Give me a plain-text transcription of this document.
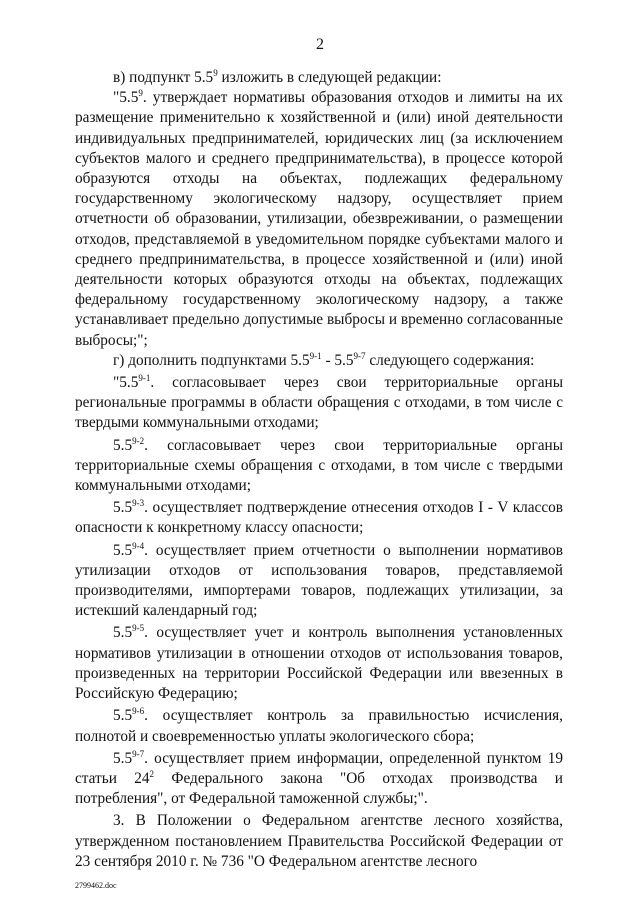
2

в) подпункт $5.5^9$ изложить в следующей редакции:

"$5.5^9$. утверждает нормативы образования отходов и лимиты на их размещение применительно к хозяйственной и (или) иной деятельности индивидуальных предпринимателей, юридических лиц (за исключением субъектов малого и среднего предпринимательства), в процессе которой образуются отходы на объектах, подлежащих федеральному государственному экологическому надзору, осуществляет прием отчетности об образовании, утилизации, обезвреживании, о размещении отходов, представляемой в уведомительном порядке субъектами малого и среднего предпринимательства, в процессе хозяйственной и (или) иной деятельности которых образуются отходы на объектах, подлежащих федеральному государственному экологическому надзору, а также устанавливает предельно допустимые выбросы и временно согласованные выбросы;";

г) дополнить подпунктами 5.5$^{9-1}$ - 5.5$^{9-7}$ следующего содержания:

"5.5$^{9-1}$. согласовывает через свои территориальные органы региональные программы в области обращения с отходами, в том числе с твердыми коммунальными отходами;

5.5$^{9-2}$. согласовывает через свои территориальные органы территориальные схемы обращения с отходами, в том числе с твердыми коммунальными отходами;

5.5$^{9-3}$. осуществляет подтверждение отнесения отходов I - V классов опасности к конкретному классу опасности;

5.5$^{9-4}$. осуществляет прием отчетности о выполнении нормативов утилизации отходов от использования товаров, представляемой производителями, импортерами товаров, подлежащих утилизации, за истекший календарный год;

5.5$^{9-5}$. осуществляет учет и контроль выполнения установленных нормативов утилизации в отношении отходов от использования товаров, произведенных на территории Российской Федерации или ввезенных в Российскую Федерацию;

5.5$^{9-6}$. осуществляет контроль за правильностью исчисления, полнотой и своевременностью уплаты экологического сбора;

5.5$^{9-7}$. осуществляет прием информации, определенной пунктом 19 статьи $24^2$ Федерального закона "Об отходах производства и потребления", от Федеральной таможенной службы;".

3. В Положении о Федеральном агентстве лесного хозяйства, утвержденном постановлением Правительства Российской Федерации от 23 сентября 2010 г. № 736 "О Федеральном агентстве лесного

2799462.doc
